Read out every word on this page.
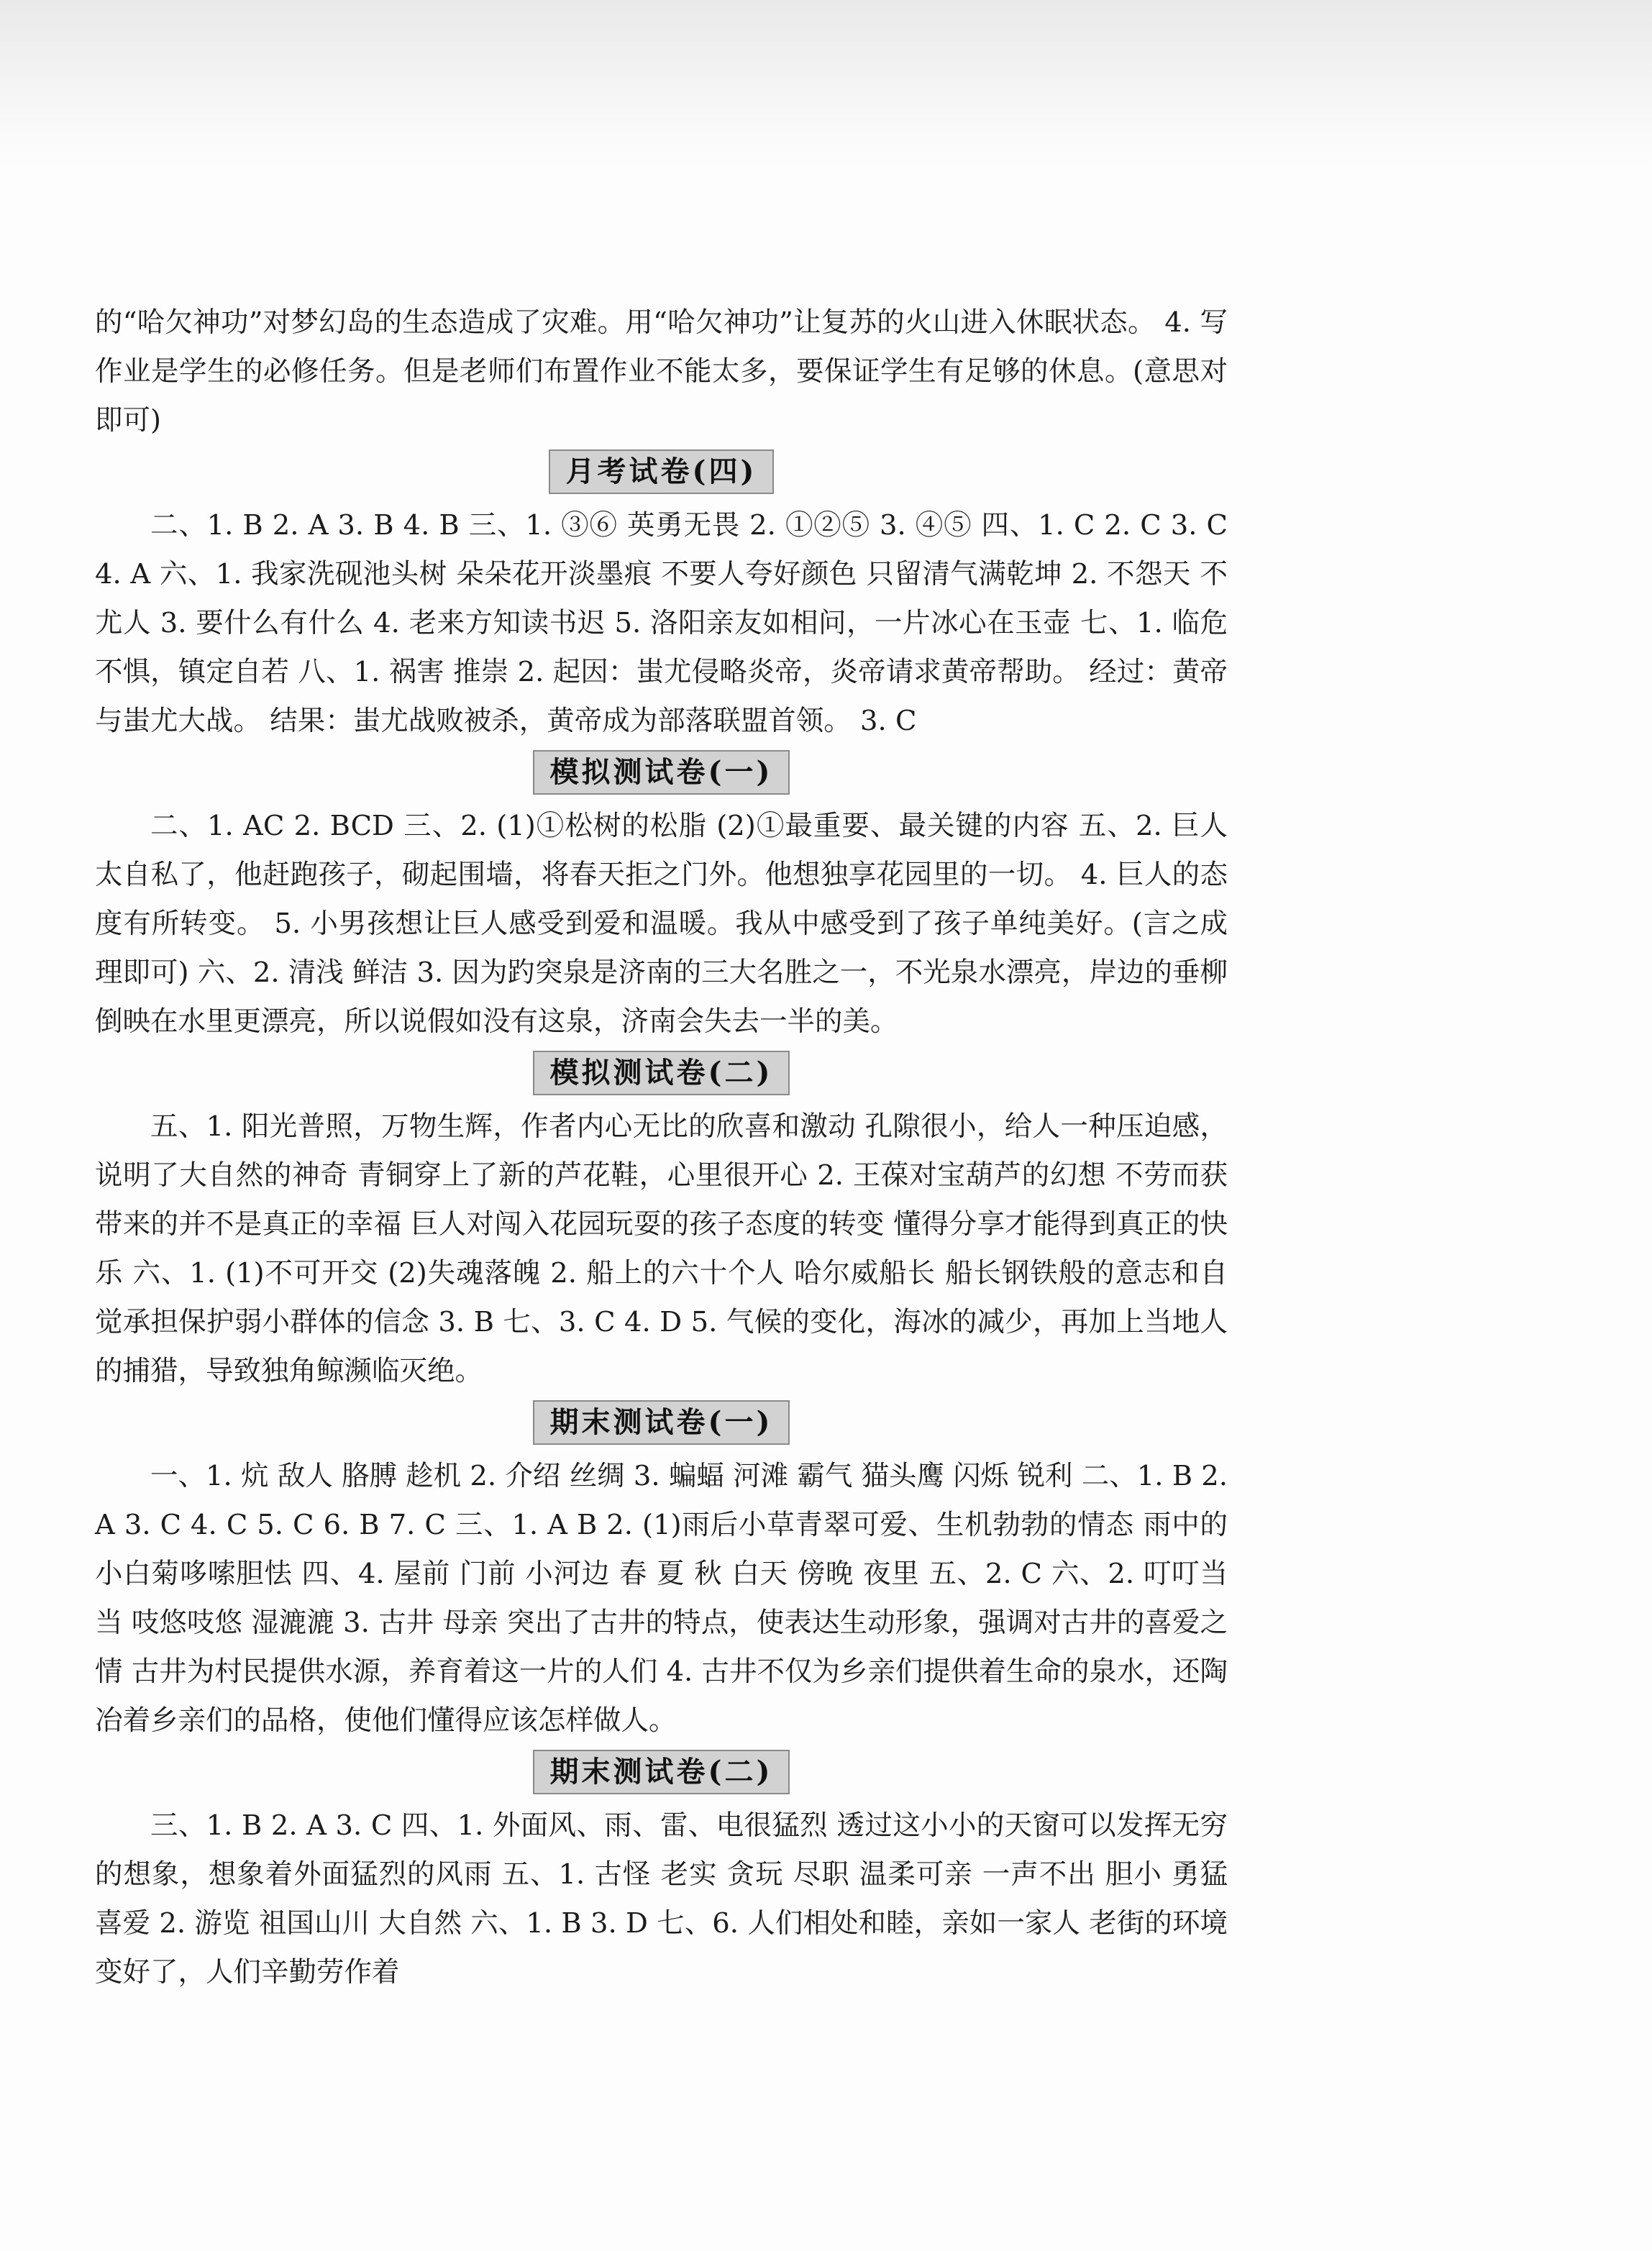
的“哈欠神功”对梦幻岛的生态造成了灾难。用“哈欠神功”让复苏的火山进入休眠状态。 4. 写作业是学生的必修任务。但是老师们布置作业不能太多，要保证学生有足够的休息。(意思对即可)

月考试卷(四)

二、1. B 2. A 3. B 4. B 三、1. ③⑥ 英勇无畏 2. ①②⑤ 3. ④⑤ 四、1. C 2. C 3. C 4. A 六、1. 我家洗砚池头树 朵朵花开淡墨痕 不要人夸好颜色 只留清气满乾坤 2. 不怨天 不尤人 3. 要什么有什么 4. 老来方知读书迟 5. 洛阳亲友如相问，一片冰心在玉壶 七、1. 临危不惧，镇定自若 八、1. 祸害 推崇 2. 起因：蚩尤侵略炎帝，炎帝请求黄帝帮助。 经过：黄帝与蚩尤大战。 结果：蚩尤战败被杀，黄帝成为部落联盟首领。 3. C

模拟测试卷(一)

二、1. AC 2. BCD 三、2. (1)①松树的松脂 (2)①最重要、最关键的内容 五、2. 巨人太自私了，他赶跑孩子，砌起围墙，将春天拒之门外。他想独享花园里的一切。 4. 巨人的态度有所转变。 5. 小男孩想让巨人感受到爱和温暖。我从中感受到了孩子单纯美好。(言之成理即可) 六、2. 清浅 鲜洁 3. 因为趵突泉是济南的三大名胜之一，不光泉水漂亮，岸边的垂柳倒映在水里更漂亮，所以说假如没有这泉，济南会失去一半的美。

模拟测试卷(二)

五、1. 阳光普照，万物生辉，作者内心无比的欣喜和激动 孔隙很小，给人一种压迫感，说明了大自然的神奇 青铜穿上了新的芦花鞋，心里很开心 2. 王葆对宝葫芦的幻想 不劳而获带来的并不是真正的幸福 巨人对闯入花园玩耍的孩子态度的转变 懂得分享才能得到真正的快乐 六、1. (1)不可开交 (2)失魂落魄 2. 船上的六十个人 哈尔威船长 船长钢铁般的意志和自觉承担保护弱小群体的信念 3. B 七、3. C 4. D 5. 气候的变化，海冰的减少，再加上当地人的捕猎，导致独角鲸濒临灭绝。

期末测试卷(一)

一、1. 炕 敌人 胳膊 趁机 2. 介绍 丝绸 3. 蝙蝠 河滩 霸气 猫头鹰 闪烁 锐利 二、1. B 2. A 3. C 4. C 5. C 6. B 7. C 三、1. A B 2. (1)雨后小草青翠可爱、生机勃勃的情态 雨中的小白菊哆嗦胆怯 四、4. 屋前 门前 小河边 春 夏 秋 白天 傍晚 夜里 五、2. C 六、2. 叮叮当当 吱悠吱悠 湿漉漉 3. 古井 母亲 突出了古井的特点，使表达生动形象，强调对古井的喜爱之情 古井为村民提供水源，养育着这一片的人们 4. 古井不仅为乡亲们提供着生命的泉水，还陶冶着乡亲们的品格，使他们懂得应该怎样做人。

期末测试卷(二)

三、1. B 2. A 3. C 四、1. 外面风、雨、雷、电很猛烈 透过这小小的天窗可以发挥无穷的想象，想象着外面猛烈的风雨 五、1. 古怪 老实 贪玩 尽职 温柔可亲 一声不出 胆小 勇猛 喜爱 2. 游览 祖国山川 大自然 六、1. B 3. D 七、6. 人们相处和睦，亲如一家人 老街的环境变好了，人们辛勤劳作着
